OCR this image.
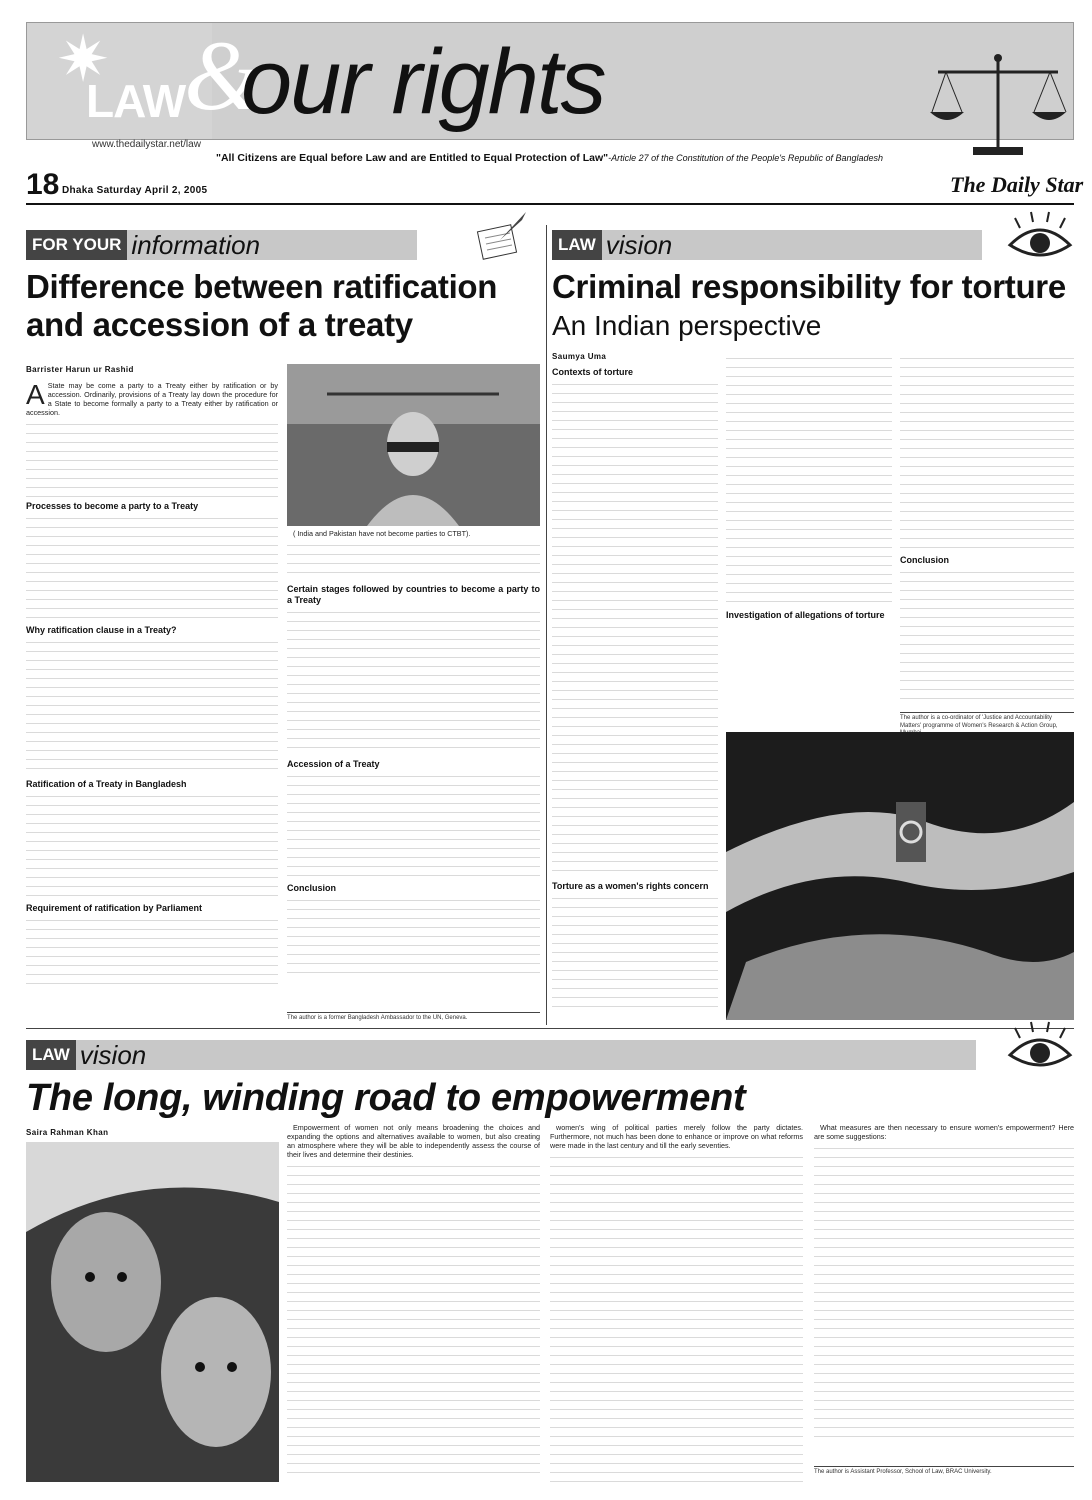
✷
LAW
&
our rights
www.thedailystar.net/law
"All Citizens are Equal before Law and are Entitled to Equal Protection of Law"-Article 27 of the Constitution of the People's Republic of Bangladesh
18 Dhaka Saturday April 2, 2005	The Daily Star
FOR YOUR information
Difference between ratification and accession of a treaty
Barrister Harun ur Rashid

A State may be come a party to a Treaty either by ratification or by accession. Ordinarily, provisions of a Treaty lay down the procedure for a State to become formally a party to a Treaty either by ratification or accession.

Processes to become a party to a Treaty
Why ratification clause in a Treaty?
Ratification of a Treaty in Bangladesh
Requirement of ratification by Parliament

( India and Pakistan have not become parties to CTBT).

Certain stages followed by countries to become a party to a Treaty
Accession of a Treaty
Conclusion
The author is a former Bangladesh Ambassador to the UN, Geneva.
LAW vision
Criminal responsibility for torture
An Indian perspective
Saumya Uma
Contexts of torture
Torture as a women's rights concern
Investigation of allegations of torture
Conclusion
The author is a co-ordinator of 'Justice and Accountability Matters' programme of Women's Research & Action Group,
LAW vision
The long, winding road to empowerment
Saira Rahman Khan

Empowerment of women not only means broadening the choices and expanding the options and alternatives available to women, but also creating an atmosphere where they will be able to independently assess the course of their lives and determine their destinies.

women's wing of political parties merely follow the party dictates. Furthermore, not much has been done to enhance or improve on what reforms were made in the last century and till the early seventies.

What measures are then necessary to ensure women's empowerment? Here are some suggestions:

The author is Assistant Professor, School of Law, BRAC University.
